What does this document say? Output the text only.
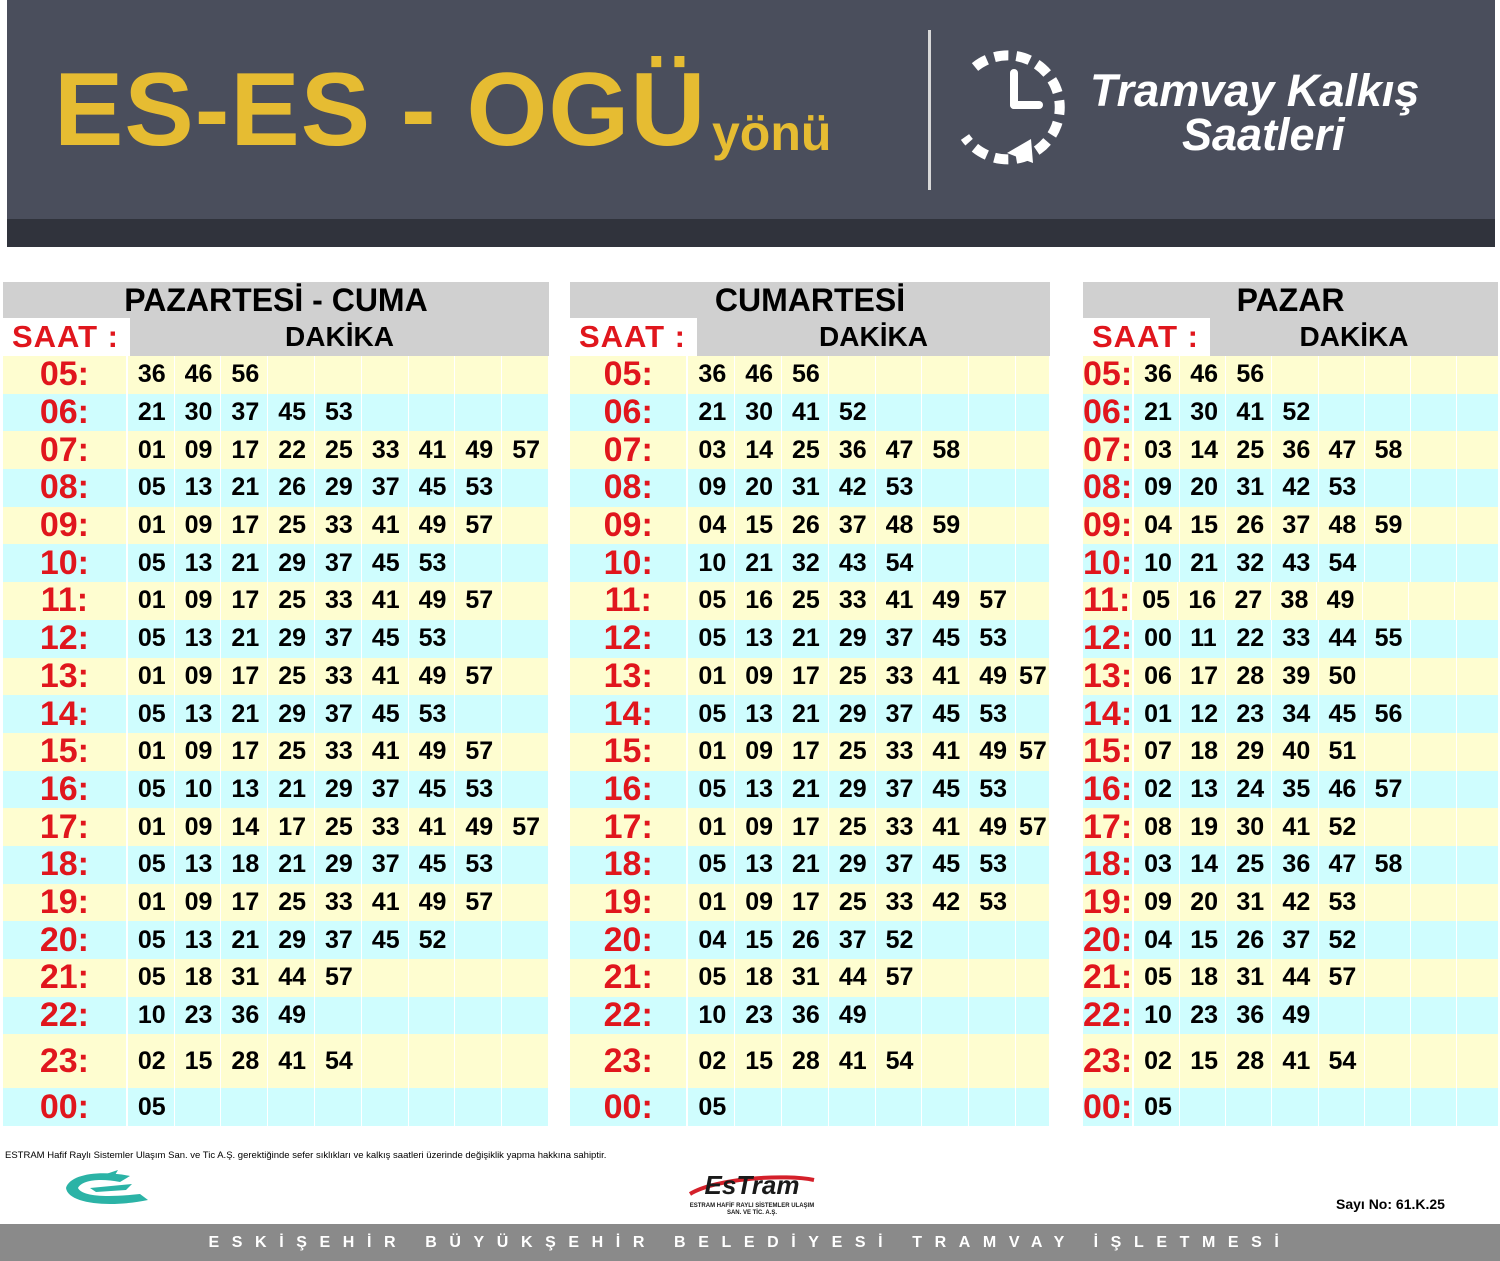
ES-ES - OGÜ yönü
Tramvay Kalkış
Saatleri
PAZARTESİ - CUMA
SAAT :	DAKİKA
05:	36 46 56
06:	21 30 37 45 53
07:	01 09 17 22 25 33 41 49 57
08:	05 13 21 26 29 37 45 53
09:	01 09 17 25 33 41 49 57
10:	05 13 21 29 37 45 53
11:	01 09 17 25 33 41 49 57
12:	05 13 21 29 37 45 53
13:	01 09 17 25 33 41 49 57
14:	05 13 21 29 37 45 53
15:	01 09 17 25 33 41 49 57
16:	05 10 13 21 29 37 45 53
17:	01 09 14 17 25 33 41 49 57
18:	05 13 18 21 29 37 45 53
19:	01 09 17 25 33 41 49 57
20:	05 13 21 29 37 45 52
21:	05 18 31 44 57
22:	10 23 36 49
23:	02 15 28 41 54
00:	05
CUMARTESİ
SAAT :	DAKİKA
05:	36 46 56
06:	21 30 41 52
07:	03 14 25 36 47 58
08:	09 20 31 42 53
09:	04 15 26 37 48 59
10:	10 21 32 43 54
11:	05 16 25 33 41 49 57
12:	05 13 21 29 37 45 53
13:	01 09 17 25 33 41 49 57
14:	05 13 21 29 37 45 53
15:	01 09 17 25 33 41 49 57
16:	05 13 21 29 37 45 53
17:	01 09 17 25 33 41 49 57
18:	05 13 21 29 37 45 53
19:	01 09 17 25 33 42 53
20:	04 15 26 37 52
21:	05 18 31 44 57
22:	10 23 36 49
23:	02 15 28 41 54
00:	05
PAZAR
SAAT :	DAKİKA
05: 36 46 56
06: 21 30 41 52
07: 03 14 25 36 47 58
08: 09 20 31 42 53
09: 04 15 26 37 48 59
10: 10 21 32 43 54
11: 05 16 27 38 49
12: 00 11 22 33 44 55
13: 06 17 28 39 50
14: 01 12 23 34 45 56
15: 07 18 29 40 51
16: 02 13 24 35 46 57
17: 08 19 30 41 52
18: 03 14 25 36 47 58
19: 09 20 31 42 53
20: 04 15 26 37 52
21: 05 18 31 44 57
22: 10 23 36 49
23: 02 15 28 41 54
00: 05
ESTRAM Hafif Raylı Sistemler Ulaşım San. ve Tic A.Ş. gerektiğinde sefer sıklıkları ve kalkış saatleri üzerinde değişiklik yapma hakkına sahiptir.
EsTram
ESTRAM HAFİF RAYLI SİSTEMLER ULAŞIM
SAN. VE TİC. A.Ş.
Sayı No: 61.K.25
ESKİŞEHİR BÜYÜKŞEHİR BELEDİYESİ TRAMVAY İŞLETMESİ
